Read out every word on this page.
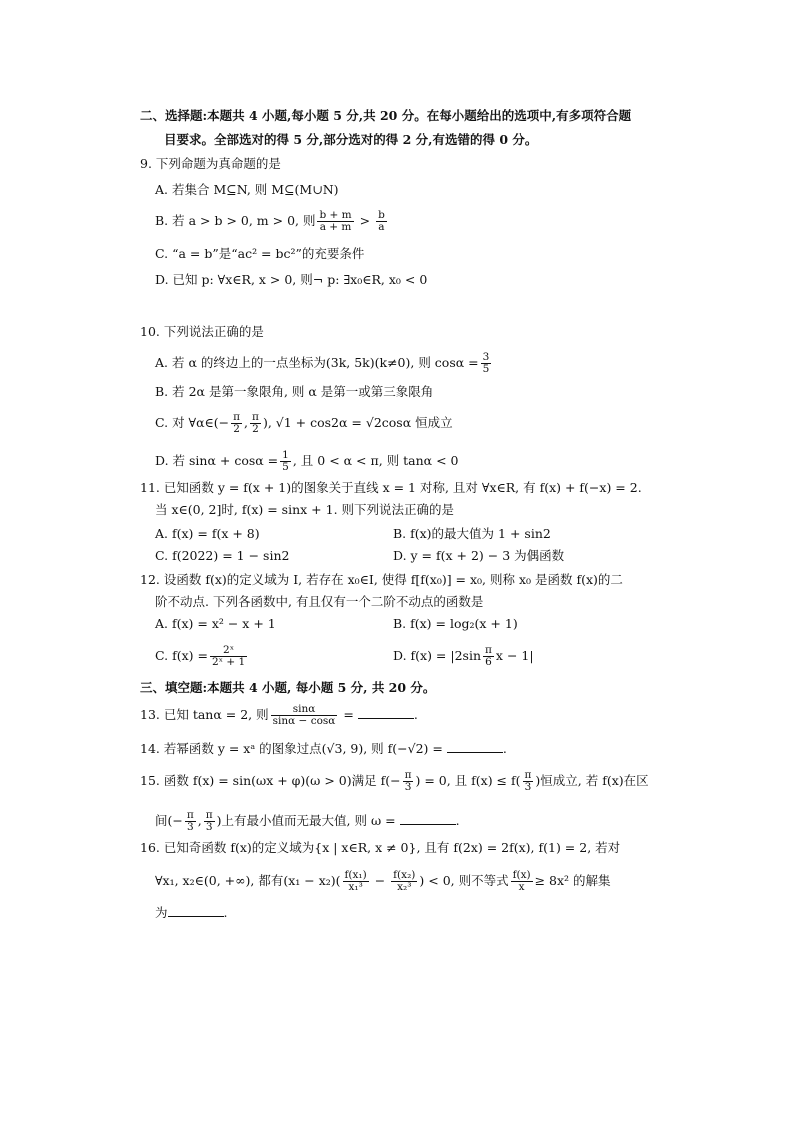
二、选择题:本题共 4 小题,每小题 5 分,共 20 分。在每小题给出的选项中,有多项符合题
目要求。全部选对的得 5 分,部分选对的得 2 分,有选错的得 0 分。
9. 下列命题为真命题的是
A. 若集合 M⊆N, 则 M⊆(M∪N)
B. 若 a > b > 0, m > 0, 则 $\frac{b + m}{a + m} > \frac{b}{a}$
C. “a = b”是“ac² = bc²”的充要条件
D. 已知 p: ∀x∈R, x > 0, 则¬ p: ∃x₀∈R, x₀ < 0
10. 下列说法正确的是
A. 若 α 的终边上的一点坐标为(3k, 5k)(k≠0), 则 $\cos\alpha = \frac{3}{5}$
B. 若 2α 是第一象限角, 则 α 是第一或第三象限角
C. 对 ∀α∈(− $\frac{\pi}{2}$ , $\frac{\pi}{2}$ ), √1 + cos2α = √2cosα 恒成立
D. 若 $\sin\alpha + \cos\alpha = \frac{1}{5}$ , 且 0 < α < π, 则 tanα < 0
11. 已知函数 y = f(x + 1)的图象关于直线 x = 1 对称, 且对 ∀x∈R, 有 f(x) + f(−x) = 2.
当 x∈(0, 2]时, f(x) = sinx + 1. 则下列说法正确的是
A. f(x) = f(x + 8)	B. f(x)的最大值为 1 + sin2
C. f(2022) = 1 − sin2	D. y = f(x + 2) − 3 为偶函数
12. 设函数 f(x)的定义域为 I, 若存在 x₀∈I, 使得 f[f(x₀)] = x₀, 则称 x₀ 是函数 f(x)的二
阶不动点. 下列各函数中, 有且仅有一个二阶不动点的函数是
A. f(x) = x² − x + 1	B. f(x) = log₂(x + 1)
C. $f(x) = \frac{\text{2ˣ}}{\text{2ˣ + 1}}$	D. $f(x) = |2\sin \frac{\pi}{6}$ x − 1|
三、填空题:本题共 4 小题, 每小题 5 分, 共 20 分。
13. 已知 tanα = 2, 则 $\frac{\sin\alpha}{\sin\alpha - \cos\alpha}$ =	.
14. 若幂函数 y = xᵃ 的图象过点(√3, 9), 则 f(−√2) =	.
15. 函数 f(x) = sin(ωx + φ)(ω > 0)满足 $f(- \frac{\pi}{3}$ ) = 0, 且 $f(x) \le f( \frac{\pi}{3}$ )恒成立, 若 f(x)在区
间(− $\frac{\pi}{3}$ , $\frac{\pi}{3}$ )上有最小值而无最大值, 则 ω =	.
16. 已知奇函数 f(x)的定义域为{x | x∈R, x ≠ 0}, 且有 f(2x) = 2f(x), f(1) = 2, 若对
∀x₁, x₂∈(0, +∞), 都有$(x_1 - x_2)( \frac{\text{f(x₁)}}{\text{x₁³}} - \frac{\text{f(x₂)}}{\text{x₂³}}$ ) < 0, 则不等式 $\frac{f(x)}{x} \ge 8x^2$ 的解集
为	.
